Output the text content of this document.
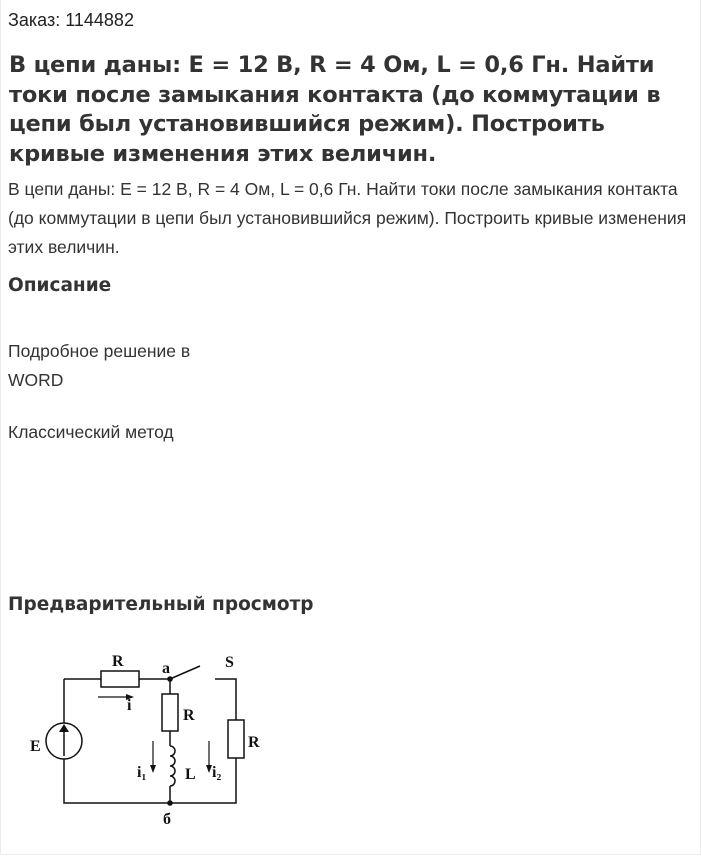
Заказ: 1144882
В цепи даны: E = 12 В, R = 4 Ом, L = 0,6 Гн. Найти токи после замыкания контакта (до коммутации в цепи был установившийся режим). Построить кривые изменения этих величин.

В цепи даны: E = 12 В, R = 4 Ом, L = 0,6 Гн. Найти токи после замыкания контакта (до коммутации в цепи был установившийся режим). Построить кривые изменения этих величин.

Описание

Подробное решение в
WORD

Классический метод

Предварительный просмотр
R a	S
i
R
E	R
i₁ L i₂
б
